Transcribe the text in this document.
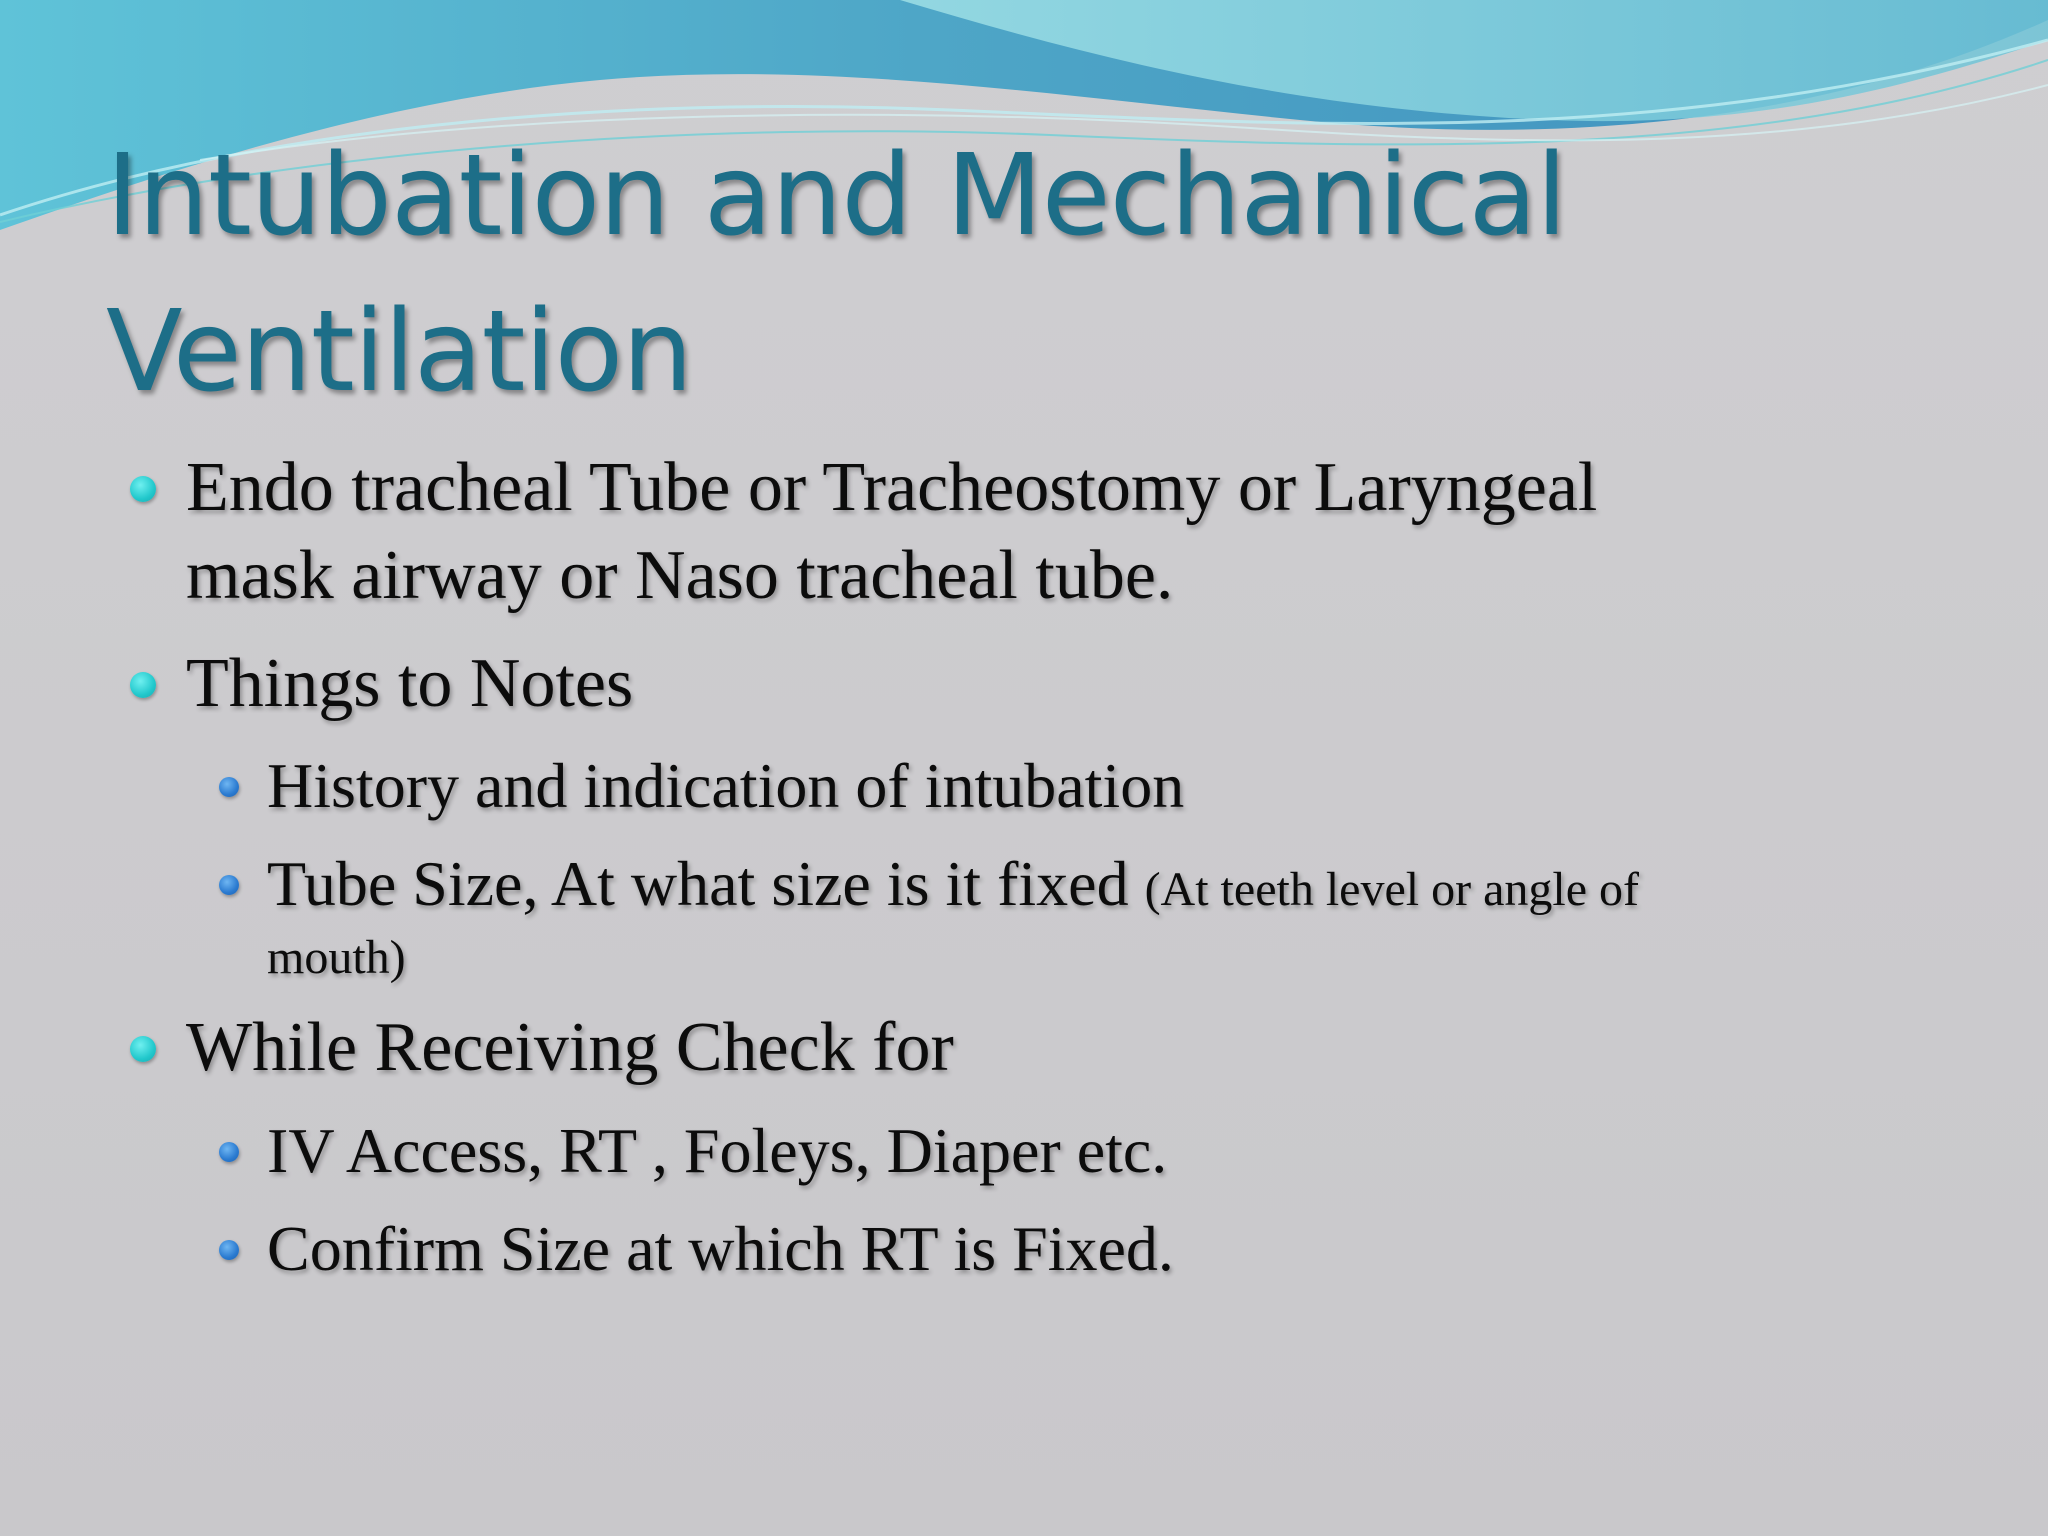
Intubation and Mechanical
Ventilation
Endo tracheal Tube or Tracheostomy or Laryngeal
mask airway or Naso tracheal tube.
Things to Notes
History and indication of intubation
Tube Size, At what size is it fixed (At teeth level or angle of
mouth)
While Receiving Check for
IV Access, RT , Foleys, Diaper etc.
Confirm Size at which RT is Fixed.
